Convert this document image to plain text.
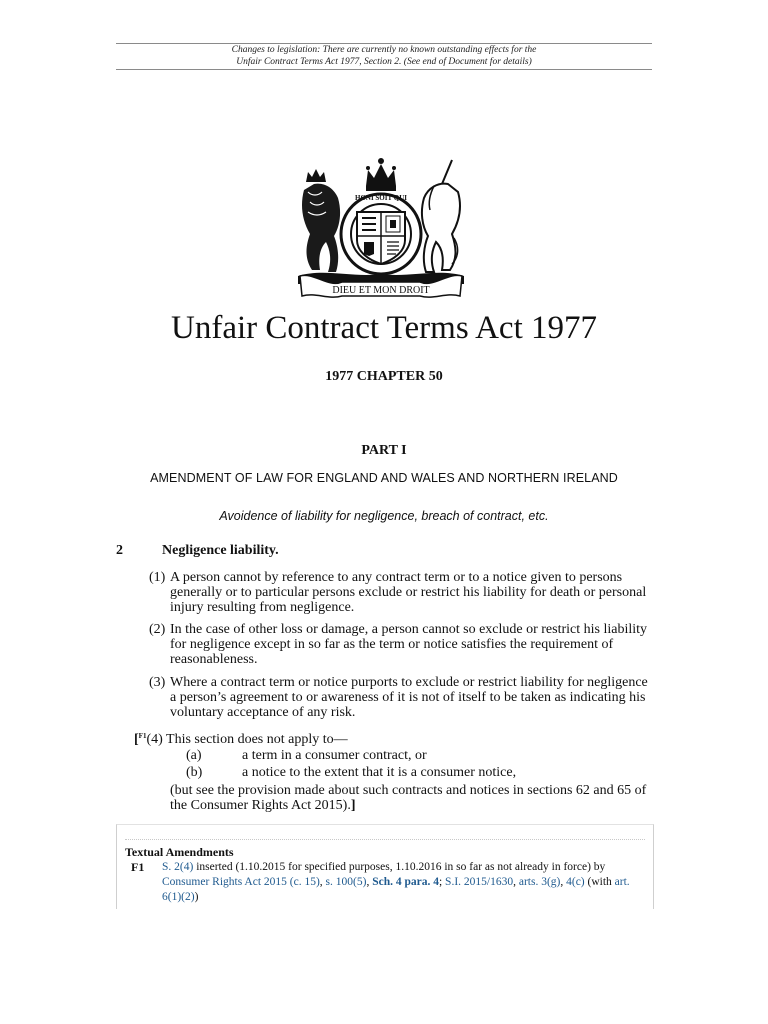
Changes to legislation: There are currently no known outstanding effects for the
Unfair Contract Terms Act 1977, Section 2. (See end of Document for details)
HONI SOIT QUI
DIEU ET MON DROIT
Unfair Contract Terms Act 1977
1977 CHAPTER 50
PART I
AMENDMENT OF LAW FOR ENGLAND AND WALES AND NORTHERN IRELAND
Avoidence of liability for negligence, breach of contract, etc.
2	Negligence liability.
(1) A person cannot by reference to any contract term or to a notice given to persons
generally or to particular persons exclude or restrict his liability for death or personal
injury resulting from negligence.
(2) In the case of other loss or damage, a person cannot so exclude or restrict his liability
for negligence except in so far as the term or notice satisfies the requirement of
reasonableness.
(3) Where a contract term or notice purports to exclude or restrict liability for negligence
a person’s agreement to or awareness of it is not of itself to be taken as indicating his
voluntary acceptance of any risk.
[$^{F1}$(4) This section does not apply to—
(a)	a term in a consumer contract, or
(b)	a notice to the extent that it is a consumer notice,
(but see the provision made about such contracts and notices in sections 62 and 65 of
the Consumer Rights Act 2015).]
Textual Amendments
F1 S. 2(4) inserted (1.10.2015 for specified purposes, 1.10.2016 in so far as not already in force) by
Consumer Rights Act 2015 (c. 15), s. 100(5), Sch. 4 para. 4; S.I. 2015/1630, arts. 3(g), 4(c) (with art.
6(1)(2))
